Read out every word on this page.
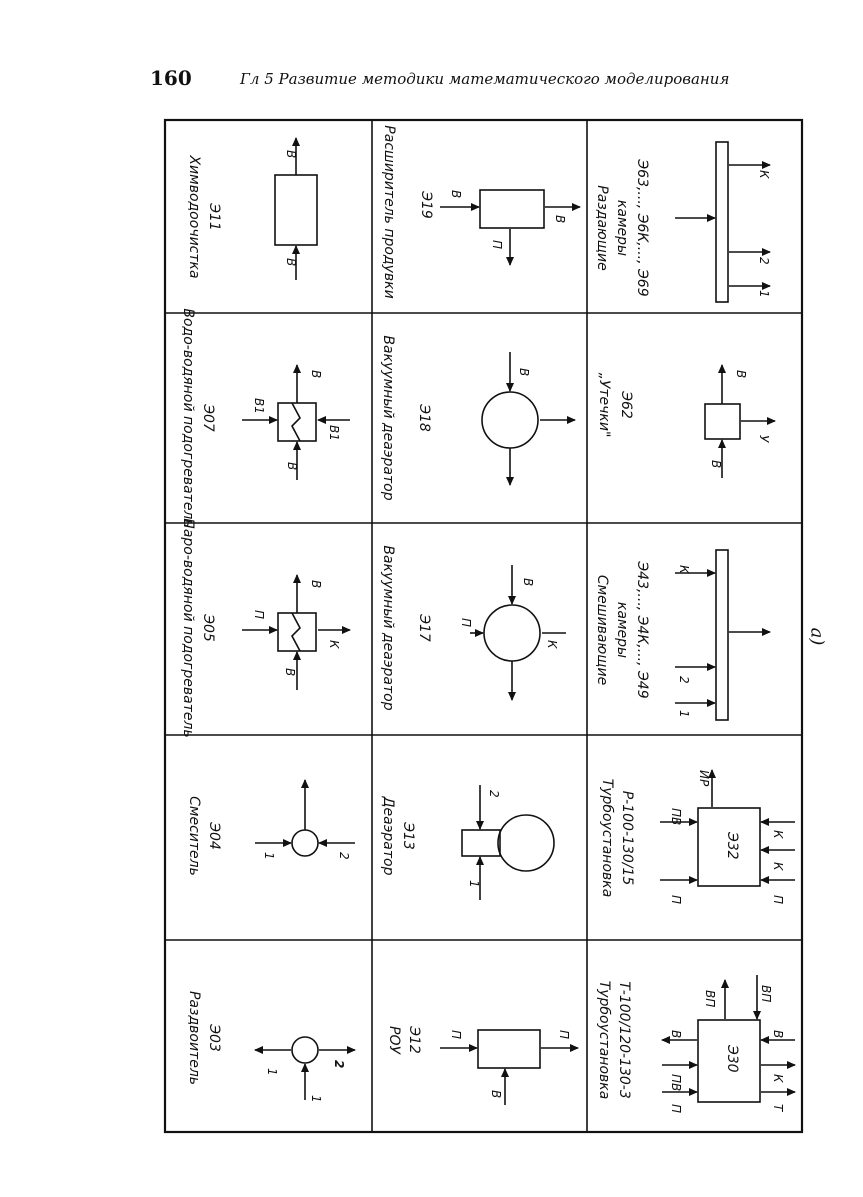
160	Гл 5 Развитие методики математического моделирования
Химводоочистка Э11
В
В
Водо-водяной подогреватель Э07	В1
В1
В
В
Паро-водяной подогреватель Э05
В
П
В
К
Смеситель Э04
1	2
Раздвоитель Э03
1
2
1
Расширитель продувки Э19 В
П
В
Вакуумный деаэратор Э18
В
Вакуумный деаэратор Э17 П
В
К
Деаэратор Э13
1
2
РОУ Э12 П
В
П
Раздающие камеры Э63,..., Э6К,..., Э69	1
2
К
„Утечки" Э62
В
В
У
Смешивающие камеры Э43,..., Э4К,..., Э49
1
2
К
Турбоустановка Р-100-130/15	Э32
П
ПВ
ИР
П
К
К
Турбоустановка Т-100/120-130-3	Э30
П
ПВ
В
ВП
Т
К
В
ВП
а)
